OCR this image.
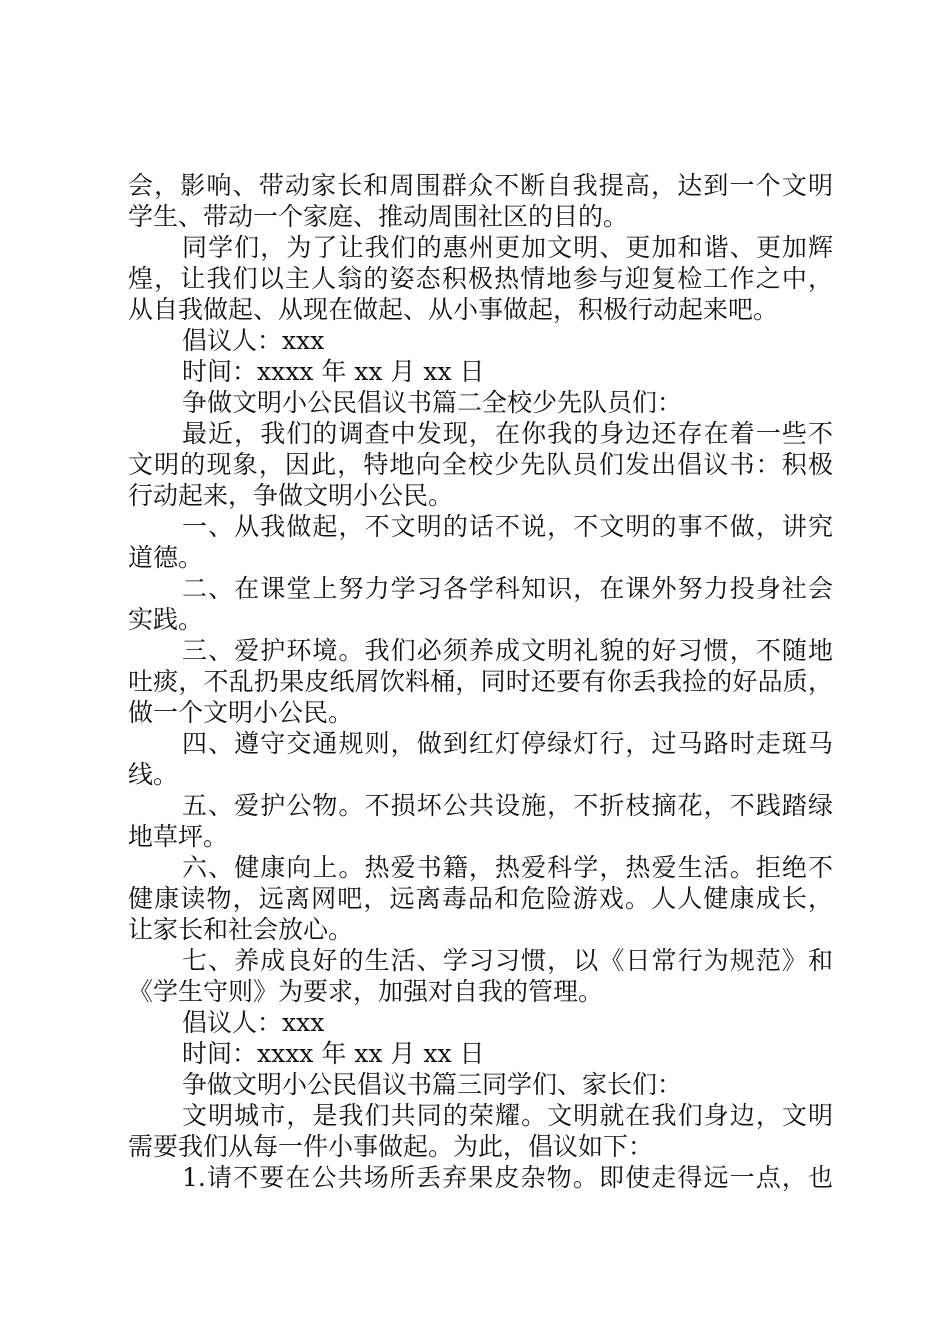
会，影响、带动家长和周围群众不断自我提高，达到一个文明
学生、带动一个家庭、推动周围社区的目的。
同学们，为了让我们的惠州更加文明、更加和谐、更加辉
煌，让我们以主人翁的姿态积极热情地参与迎复检工作之中，
从自我做起、从现在做起、从小事做起，积极行动起来吧。
倡议人：xxx
时间：xxxx 年 xx 月 xx 日
争做文明小公民倡议书篇二全校少先队员们：
最近，我们的调查中发现，在你我的身边还存在着一些不
文明的现象，因此，特地向全校少先队员们发出倡议书：积极
行动起来，争做文明小公民。
一、从我做起，不文明的话不说，不文明的事不做，讲究
道德。
二、在课堂上努力学习各学科知识，在课外努力投身社会
实践。
三、爱护环境。我们必须养成文明礼貌的好习惯，不随地
吐痰，不乱扔果皮纸屑饮料桶，同时还要有你丢我捡的好品质，
做一个文明小公民。
四、遵守交通规则，做到红灯停绿灯行，过马路时走斑马
线。
五、爱护公物。不损坏公共设施，不折枝摘花，不践踏绿
地草坪。
六、健康向上。热爱书籍，热爱科学，热爱生活。拒绝不
健康读物，远离网吧，远离毒品和危险游戏。人人健康成长，
让家长和社会放心。
七、养成良好的生活、学习习惯，以《日常行为规范》和
《学生守则》为要求，加强对自我的管理。
倡议人：xxx
时间：xxxx 年 xx 月 xx 日
争做文明小公民倡议书篇三同学们、家长们：
文明城市，是我们共同的荣耀。文明就在我们身边，文明
需要我们从每一件小事做起。为此，倡议如下：
1.请不要在公共场所丢弃果皮杂物。即使走得远一点，也
